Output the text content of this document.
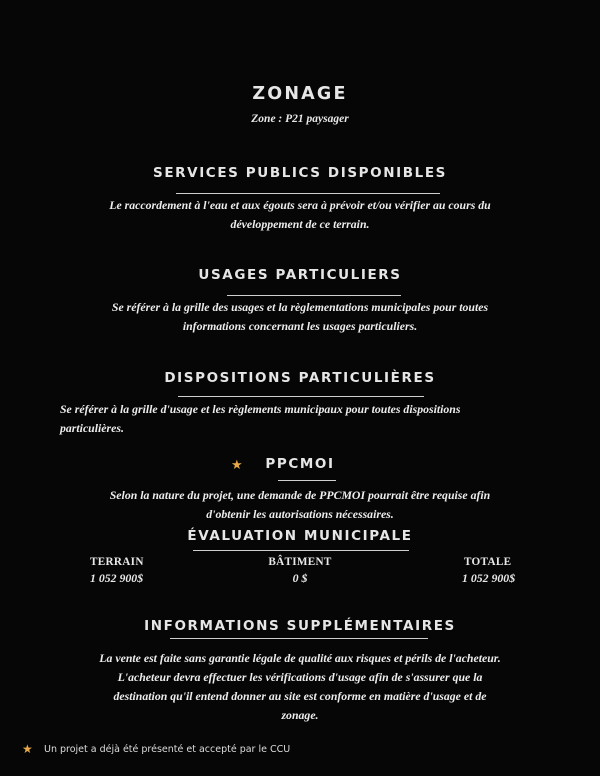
ZONAGE
Zone : P21 paysager
SERVICES PUBLICS DISPONIBLES
Le raccordement à l'eau et aux égouts sera à prévoir et/ou vérifier au cours du
développement de ce terrain.
USAGES PARTICULIERS
Se référer à la grille des usages et la règlementations municipales pour toutes
informations concernant les usages particuliers.
DISPOSITIONS PARTICULIÈRES
Se référer à la grille d'usage et les règlements municipaux pour toutes dispositions
particulières.
★	PPCMOI
Selon la nature du projet, une demande de PPCMOI pourrait être requise afin
d'obtenir les autorisations nécessaires.
ÉVALUATION MUNICIPALE
TERRAIN
1 052 900$
BÂTIMENT
0 $
TOTALE
1 052 900$
INFORMATIONS SUPPLÉMENTAIRES
La vente est faite sans garantie légale de qualité aux risques et périls de l'acheteur.
L'acheteur devra effectuer les vérifications d'usage afin de s'assurer que la
destination qu'il entend donner au site est conforme en matière d'usage et de
zonage.
★ Un projet a déjà été présenté et accepté par le CCU
